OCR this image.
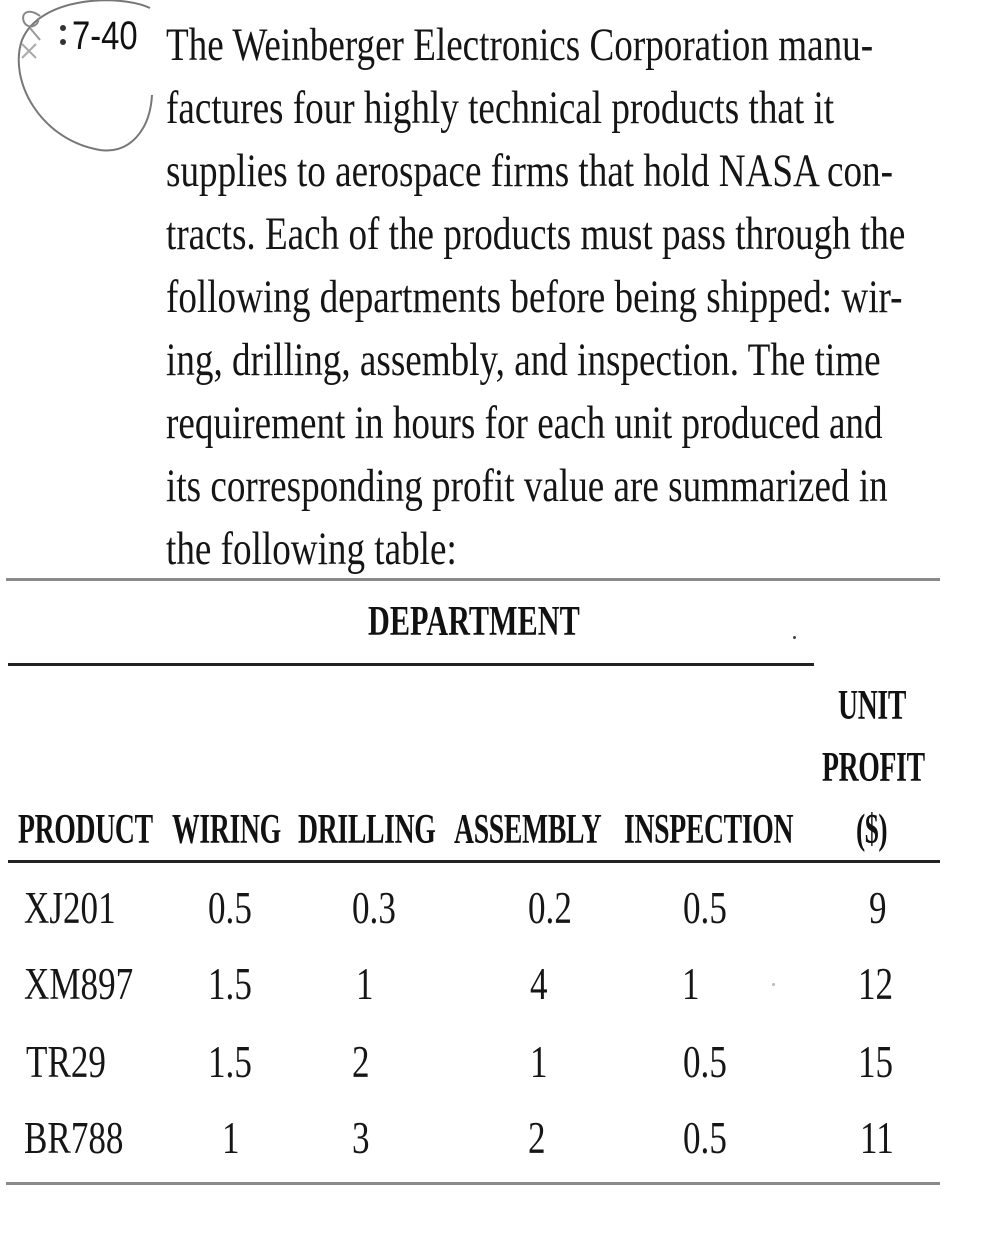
7-40 The Weinberger Electronics Corporation manu-
factures four highly technical products that it
supplies to aerospace firms that hold NASA con-
tracts. Each of the products must pass through the
following departments before being shipped: wir-
ing, drilling, assembly, and inspection. The time
requirement in hours for each unit produced and
its corresponding profit value are summarized in
the following table:
DEPARTMENT
UNIT
PROFIT
($)
PRODUCT WIRING DRILLING ASSEMBLY INSPECTION
XJ201 0.5 0.3	0.2 0.5	9
XM897 1.5 1	4	1	12
TR29 1.5 2	1	0.5	15
BR788 1 3	2	0.5	11
